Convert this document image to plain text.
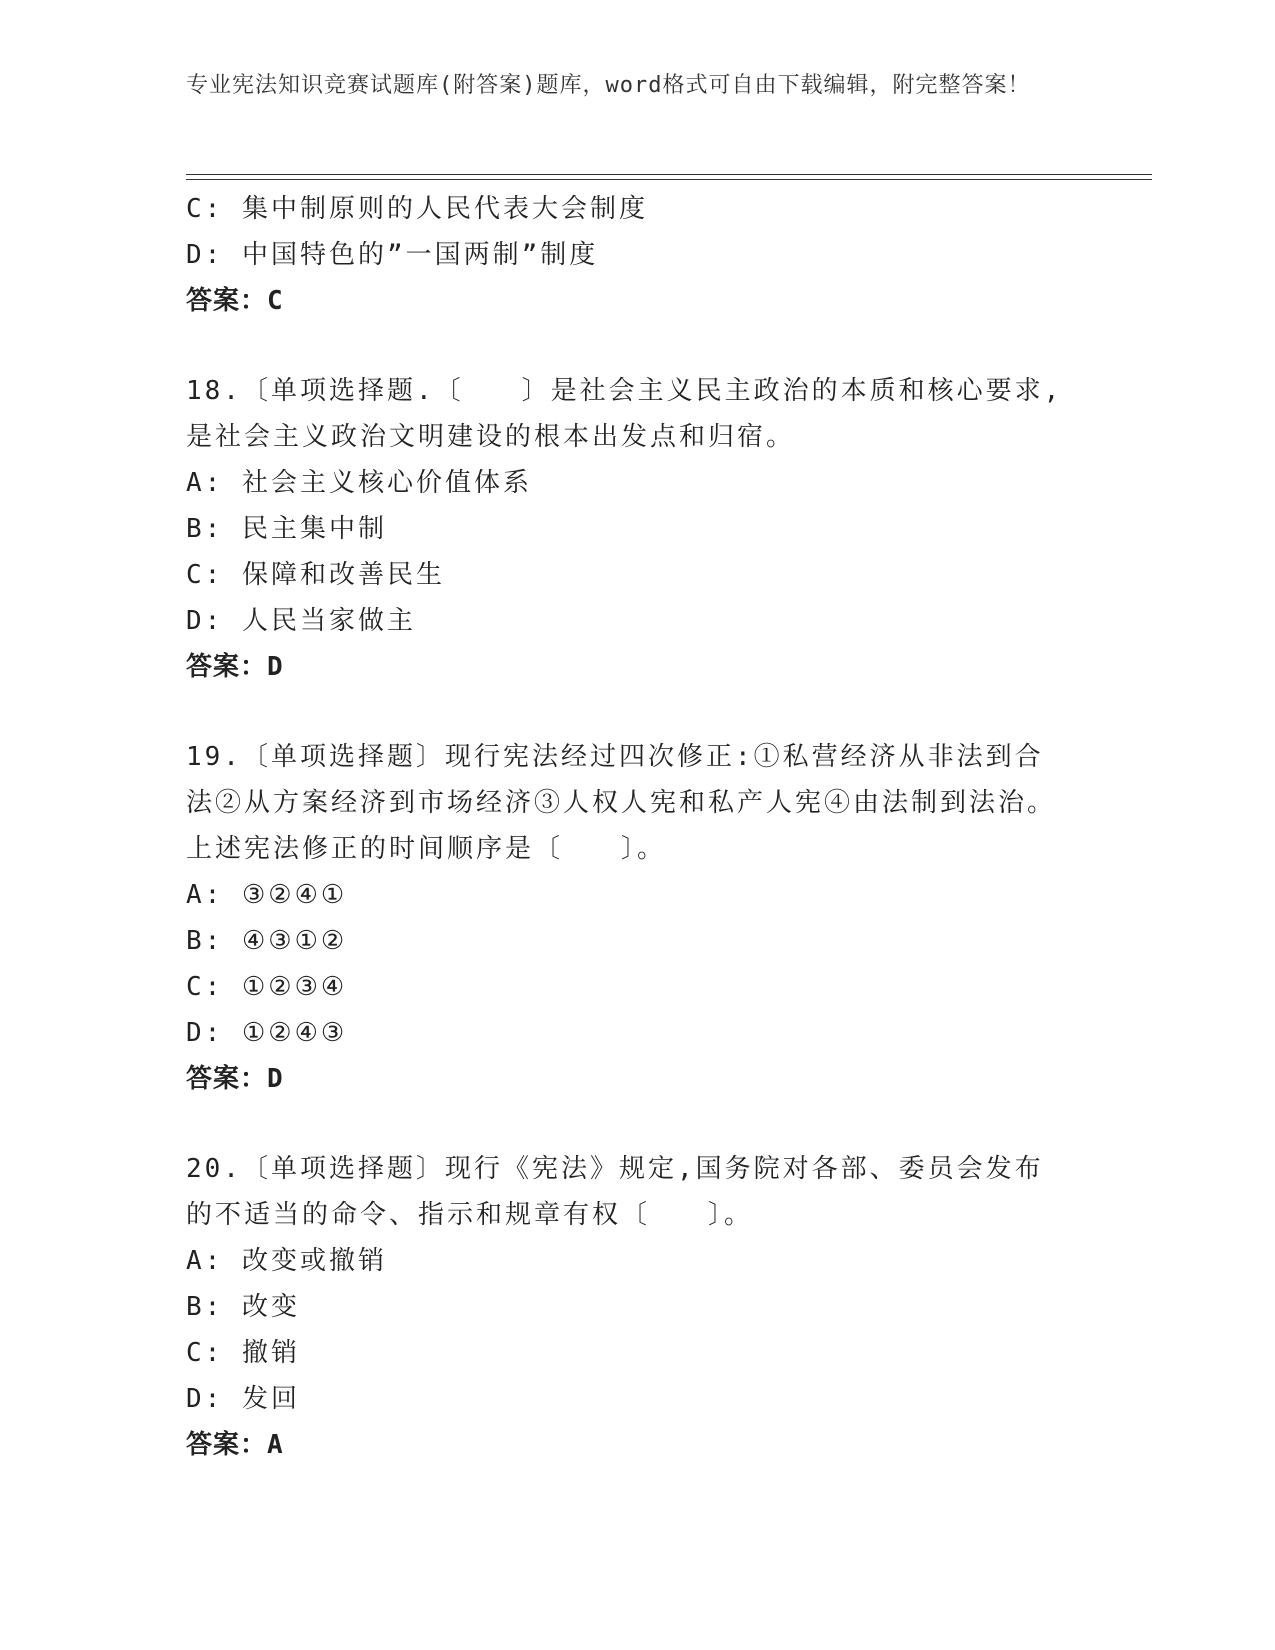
专业宪法知识竞赛试题库(附答案)题库，word格式可自由下载编辑，附完整答案！
C: 集中制原则的人民代表大会制度
D: 中国特色的”一国两制”制度
答案：C
18.〔单项选择题.〔　　〕是社会主义民主政治的本质和核心要求,是社会主义政治文明建设的根本出发点和归宿。
A: 社会主义核心价值体系
B: 民主集中制
C: 保障和改善民生
D: 人民当家做主
答案：D
19.〔单项选择题〕现行宪法经过四次修正:①私营经济从非法到合法②从方案经济到市场经济③人权人宪和私产人宪④由法制到法治。上述宪法修正的时间顺序是〔　　〕。
A: ③②④①
B: ④③①②
C: ①②③④
D: ①②④③
答案：D
20.〔单项选择题〕现行《宪法》规定,国务院对各部、委员会发布的不适当的命令、指示和规章有权〔　　〕。
A: 改变或撤销
B: 改变
C: 撤销
D: 发回
答案：A
